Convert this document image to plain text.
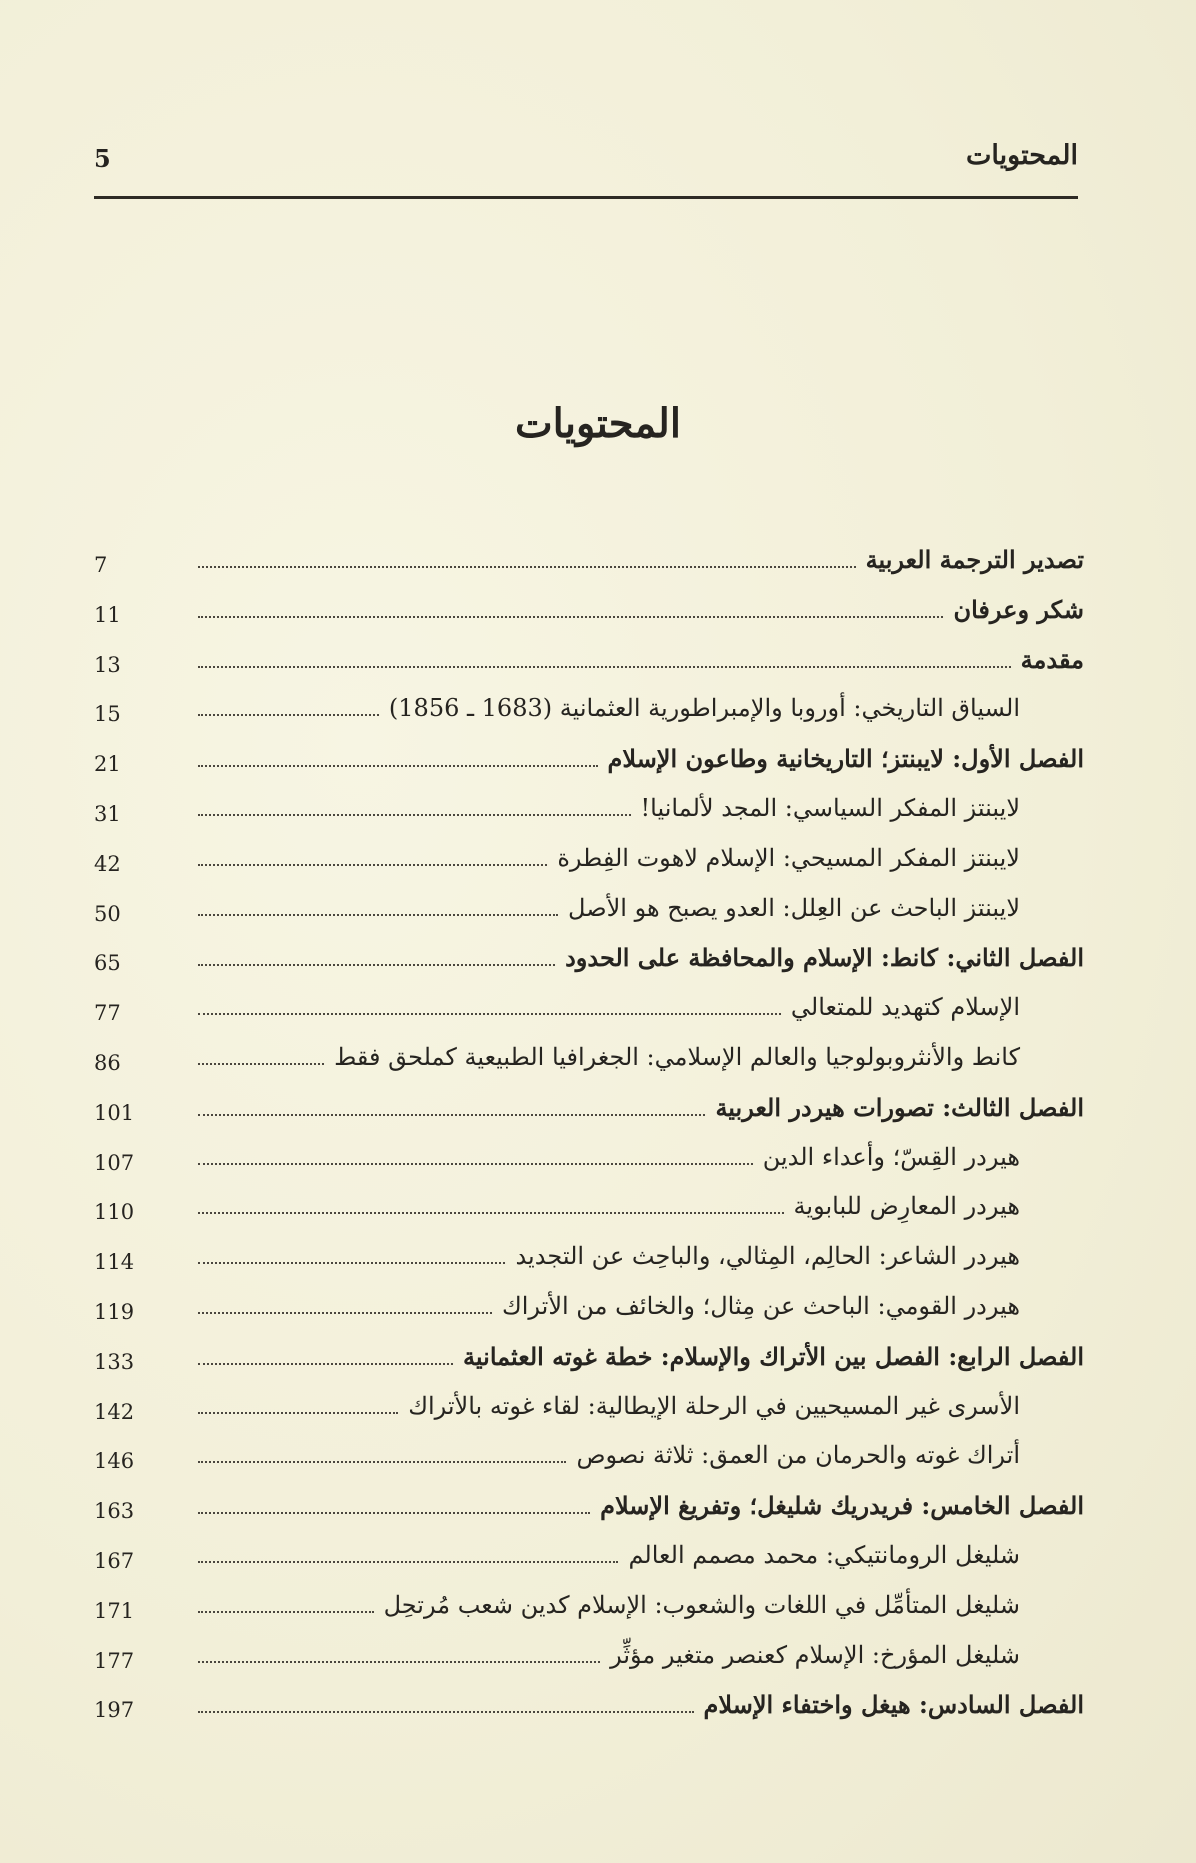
المحتويات
5
المحتويات
7	تصدير الترجمة العربية
11	شكر وعرفان
13	مقدمة
15	السياق التاريخي: أوروبا والإمبراطورية العثمانية (1683 ـ 1856)
21	الفصل الأول: لايبنتز؛ التاريخانية وطاعون الإسلام
31	لايبنتز المفكر السياسي: المجد لألمانيا!
42	لايبنتز المفكر المسيحي: الإسلام لاهوت الفِطرة
50	لايبنتز الباحث عن العِلل: العدو يصبح هو الأصل
65	الفصل الثاني: كانط: الإسلام والمحافظة على الحدود
77	الإسلام كتهديد للمتعالي
86	كانط والأنثروبولوجيا والعالم الإسلامي: الجغرافيا الطبيعية كملحق فقط
101	الفصل الثالث: تصورات هيردر العربية
107	هيردر القِسّ؛ وأعداء الدين
110	هيردر المعارِض للبابوية
114	هيردر الشاعر: الحالِم، المِثالي، والباحِث عن التجديد
119	هيردر القومي: الباحث عن مِثال؛ والخائف من الأتراك
133	الفصل الرابع: الفصل بين الأتراك والإسلام: خطة غوته العثمانية
142	الأسرى غير المسيحيين في الرحلة الإيطالية: لقاء غوته بالأتراك
146	أتراك غوته والحرمان من العمق: ثلاثة نصوص
163	الفصل الخامس: فريدريك شليغل؛ وتفريغ الإسلام
167	شليغل الرومانتيكي: محمد مصمم العالم
171	شليغل المتأمِّل في اللغات والشعوب: الإسلام كدين شعب مُرتحِل
177	شليغل المؤرخ: الإسلام كعنصر متغير مؤثِّر
197	الفصل السادس: هيغل واختفاء الإسلام
